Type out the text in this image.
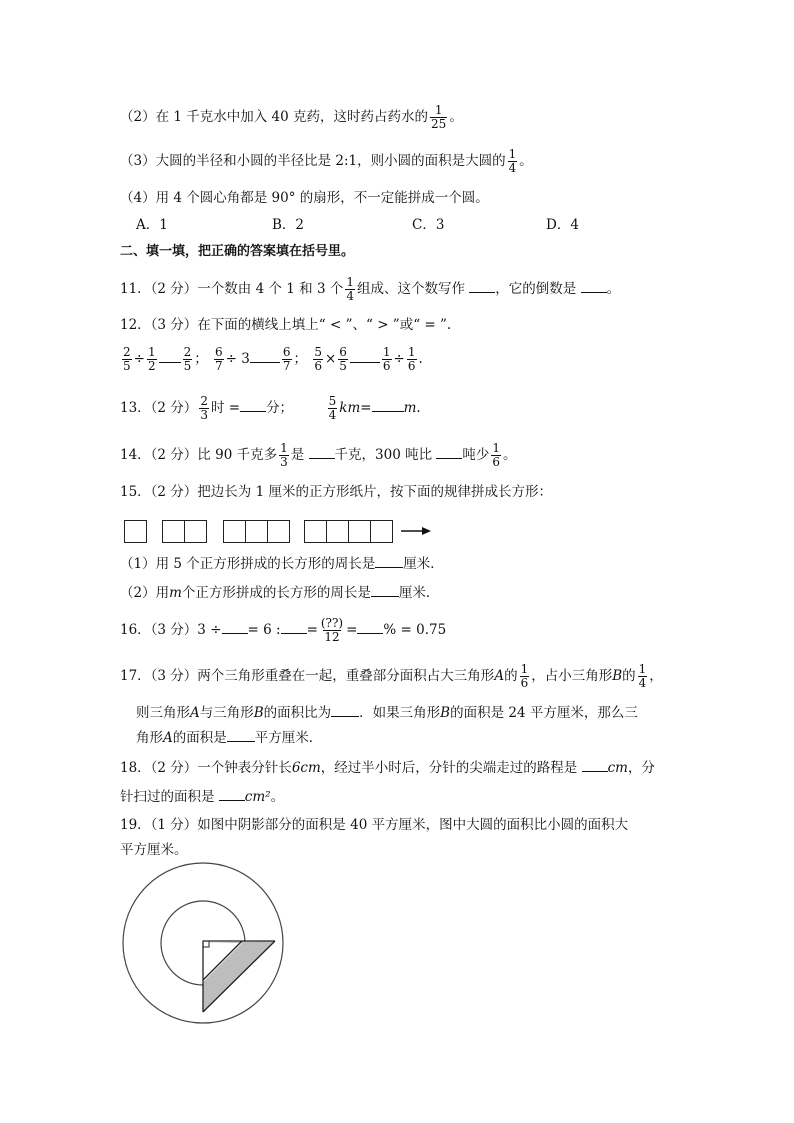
（2）在 1 千克水中加入 40 克药，这时药占药水的 $\frac{1}{25}$ 。
（3）大圆的半径和小圆的半径比是 2:1，则小圆的面积是大圆的 $\frac{1}{4}$ 。
（4）用 4 个圆心角都是 90° 的扇形，不一定能拼成一个圆。
A．1	B．2	C．3	D．4
二、填一填，把正确的答案填在括号里。
11．（2 分）一个数由 4 个 1 和 3 个 $\frac{1}{4}$ 组成、这个数写作 ，它的倒数是 。
12．（3 分）在下面的横线上填上“ < ”、“ > ”或“ = ”.
$\frac{2}{5} \div \frac{1}{2} \frac{2}{5}$ ； $\frac{6}{7} \div 3$	$\frac{6}{7}$ ； $\frac{5}{6} \times \frac{6}{5}$	$\frac{1}{6} \div \frac{1}{6}$ .
13．（2 分） $\frac{2}{3}$ 时 = 分；	$\frac{5}{4} km= m$.
14．（2 分）比 90 千克多 $\frac{1}{3}$ 是 千克，300 吨比 吨少 $\frac{1}{6}$ 。
15．（2 分）把边长为 1 厘米的正方形纸片，按下面的规律拼成长方形：
（1）用 5 个正方形拼成的长方形的周长是 厘米．
（2）用m个正方形拼成的长方形的周长是 厘米．
16．（3 分）3 ÷ = 6 : = (??)
12 = % = 0.75
17．（3 分）两个三角形重叠在一起，重叠部分面积占大三角形A的 $\frac{1}{6}$ ，占小三角形B的 $\frac{1}{4}$ ，
则三角形A与三角形B的面积比为 ．如果三角形B的面积是 24 平方厘米，那么三
角形A的面积是 平方厘米．
18．（2 分）一个钟表分针长6cm，经过半小时后，分针的尖端走过的路程是 cm，分
针扫过的面积是 cm²。
19．（1 分）如图中阴影部分的面积是 40 平方厘米，图中大圆的面积比小圆的面积大
平方厘米。
